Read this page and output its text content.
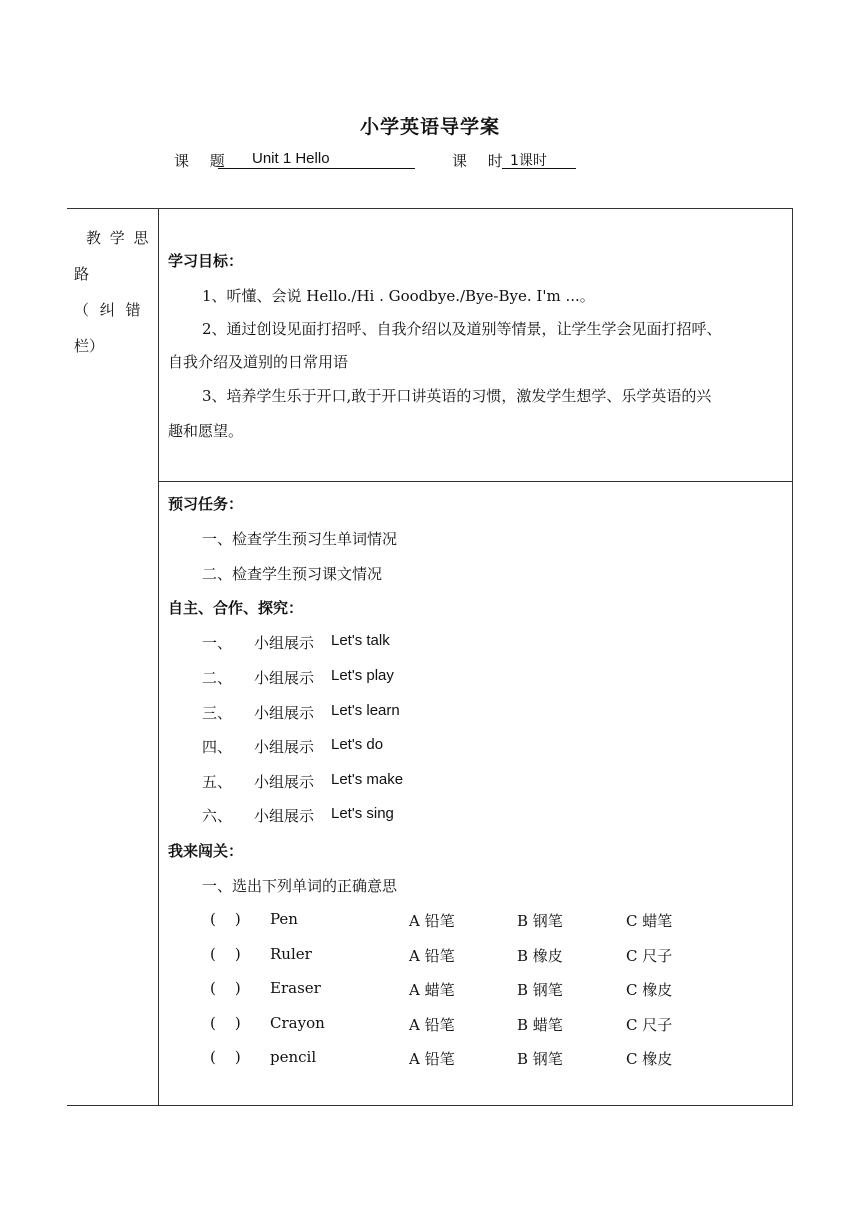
小学英语导学案
课 题	Unit 1 Hello	课 时 1课时
教 学 思
路
（ 纠 错
栏）
学习目标：
1、听懂、会说 Hello./Hi . Goodbye./Bye-Bye. I'm ...。
2、通过创设见面打招呼、自我介绍以及道别等情景，让学生学会见面打招呼、
自我介绍及道别的日常用语
3、培养学生乐于开口,敢于开口讲英语的习惯，激发学生想学、乐学英语的兴
趣和愿望。
预习任务：
一、检查学生预习生单词情况
二、检查学生预习课文情况
自主、合作、探究：
一、 小组展示 Let's talk
二、 小组展示 Let's play
三、 小组展示 Let's learn
四、 小组展示 Let's do
五、 小组展示 Let's make
六、 小组展示 Let's sing
我来闯关：
一、选出下列单词的正确意思
(    ) Pen	A 铅笔	B 钢笔	C 蜡笔
(    ) Ruler	A 铅笔	B 橡皮	C 尺子
(    ) Eraser	A 蜡笔	B 钢笔	C 橡皮
(    ) Crayon	A 铅笔	B 蜡笔	C 尺子
(    ) pencil	A 铅笔	B 钢笔	C 橡皮
